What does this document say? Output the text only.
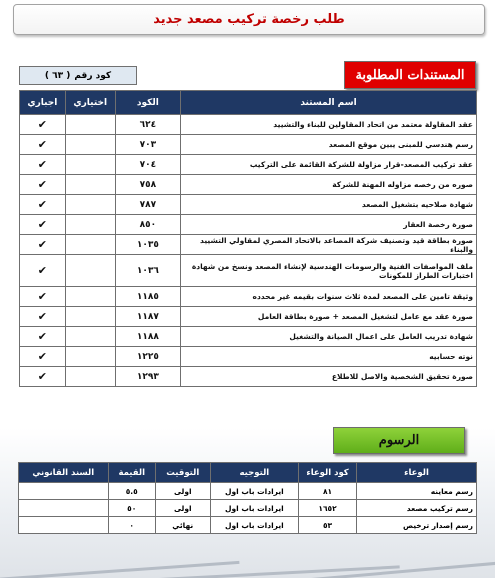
طلب رخصة تركيب مصعد جديد
المستندات المطلوبة
كود رقم
( ٦٣ )
اسم المستند	الكود	اختياري	اجباري
عقد المقاولة معتمد من اتحاد المقاولين للبناء والتشييد	٦٢٤		✔
رسم هندسي للمبنى يبين موقع المصعد	٧٠٣		✔
عقد تركيب المصعد-قرار مزاولة للشركة القائمة على التركيب	٧٠٤		✔
صوره من رخصه مزاوله المهنة للشركة	٧٥٨		✔
شهادة صلاحيه بتشغيل المصعد	٧٨٧		✔
صورة رخصة العقار	٨٥٠		✔
صورة بطاقة قيد وتصنيف شركة المصاعد بالاتحاد المصري لمقاولي التشييد والبناء	١٠٣٥		✔
ملف المواصفات الفنية والرسومات الهندسية لإنشاء المصعد ونسخ من شهادة اختبارات الطراز للمكونات	١٠٣٦		✔
وثيقة تامين على المصعد لمدة ثلاث سنوات بقيمه غير محدده	١١٨٥		✔
صورة عقد مع عامل لتشغيل المصعد + صورة بطاقة العامل	١١٨٧		✔
شهادة تدريب العامل على اعمال الصيانة والتشغيل	١١٨٨		✔
نوته حسابيه	١٢٢٥		✔
صورة تحقيق الشخصية والاصل للاطلاع	١٢٩٣		✔
الرسوم
الوعاء	كود الوعاء	التوجيه	التوقيت	القيمة	السند القانوني
رسم معاينه	٨١	ايرادات باب اول	اولى	٥.٥	
رسم تركيب مصعد	١٦٥٢	ايرادات باب اول	اولى	٥٠	
رسم إصدار ترخيص	٥٣	ايرادات باب اول	نهائي	٠	
